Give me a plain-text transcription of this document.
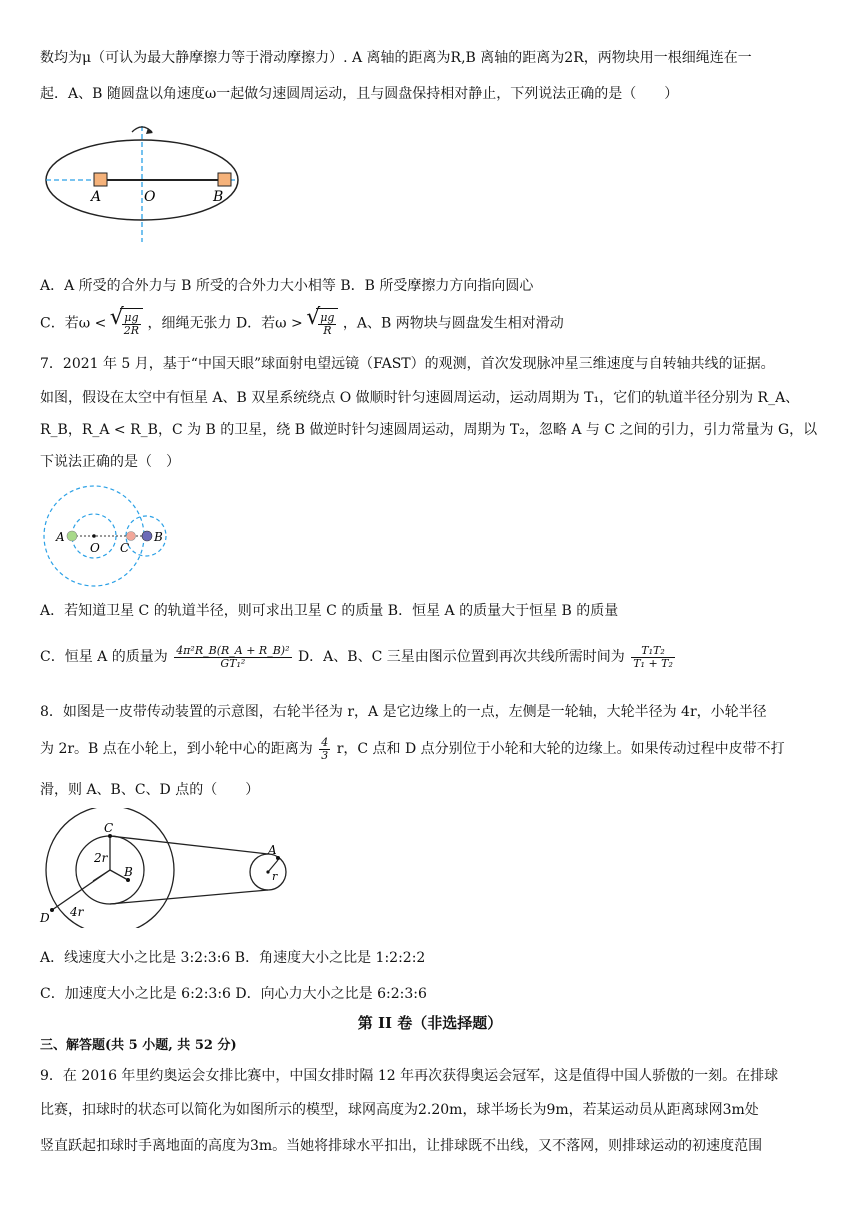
数均为μ（可认为最大静摩擦力等于滑动摩擦力）. A 离轴的距离为R,B 离轴的距离为2R，两物块用一根细绳连在一
起．A、B 随圆盘以角速度ω一起做匀速圆周运动，且与圆盘保持相对静止，下列说法正确的是（　　）
A	O	B
A．A 所受的合外力与 B 所受的合外力大小相等 B．B 所受摩擦力方向指向圆心
C．若ω < √ $\frac{\mu g}{2R}$ ，细绳无张力 D．若ω > √ $\frac{\mu g}{R}$ ，A、B 两物块与圆盘发生相对滑动
7．2021 年 5 月，基于“中国天眼”球面射电望远镜（FAST）的观测，首次发现脉冲星三维速度与自转轴共线的证据。
如图，假设在太空中有恒星 A、B 双星系统绕点 O 做顺时针匀速圆周运动，运动周期为 T₁，它们的轨道半径分别为 R_A、
R_B，R_A < R_B，C 为 B 的卫星，绕 B 做逆时针匀速圆周运动，周期为 T₂，忽略 A 与 C 之间的引力，引力常量为 G，以
下说法正确的是（　）
A
O C
B
A．若知道卫星 C 的轨道半径，则可求出卫星 C 的质量 B．恒星 A 的质量大于恒星 B 的质量
C．恒星 A 的质量为 $\frac{\text{4π²R\_B(R\_A + R\_B)²}}{\text{GT₁²}}$ D．A、B、C 三星由图示位置到再次共线所需时间为 $\frac{\text{T₁T₂}}{\text{T₁ + T₂}}$
8．如图是一皮带传动装置的示意图，右轮半径为 r，A 是它边缘上的一点，左侧是一轮轴，大轮半径为 4r，小轮半径
为 2r。B 点在小轮上，到小轮中心的距离为 $\frac{4}{3}$ r，C 点和 D 点分别位于小轮和大轮的边缘上。如果传动过程中皮带不打
滑，则 A、B、C、D 点的（　　）
C
2r
B
D 4r
A
r
A．线速度大小之比是 3:2:3:6 B．角速度大小之比是 1:2:2:2
C．加速度大小之比是 6:2:3:6 D．向心力大小之比是 6:2:3:6
第 II 卷（非选择题）
三、解答题(共 5 小题, 共 52 分)
9．在 2016 年里约奥运会女排比赛中，中国女排时隔 12 年再次获得奥运会冠军，这是值得中国人骄傲的一刻。在排球
比赛，扣球时的状态可以简化为如图所示的模型，球网高度为2.20m，球半场长为9m，若某运动员从距离球网3m处
竖直跃起扣球时手离地面的高度为3m。当她将排球水平扣出，让排球既不出线，又不落网，则排球运动的初速度范围
